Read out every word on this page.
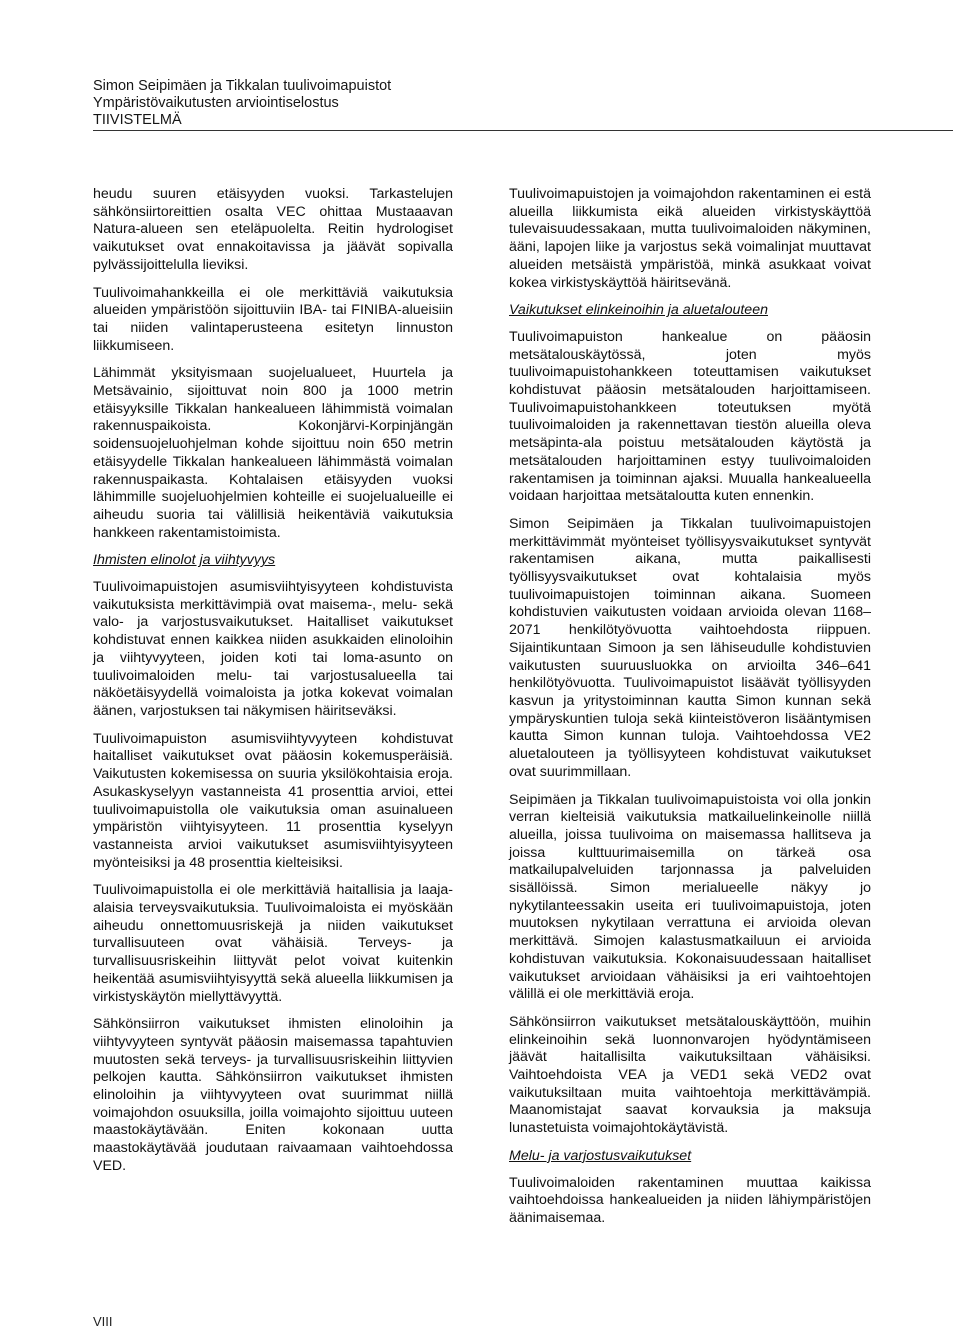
Simon Seipimäen ja Tikkalan tuulivoimapuistot
Ympäristövaikutusten arviointiselostus
TIIVISTELMÄ

heudu suuren etäisyyden vuoksi. Tarkastelujen sähkönsiirtoreittien osalta VEC ohittaa Mustaaavan Natura-alueen sen eteläpuolelta. Reitin hydrologiset vaikutukset ovat ennakoitavissa ja jäävät sopivalla pylvässijoittelulla lieviksi.

Tuulivoimahankkeilla ei ole merkittäviä vaikutuksia alueiden ympäristöön sijoittuviin IBA- tai FINIBA-alueisiin tai niiden valintaperusteena esitetyn linnuston liikkumiseen.

Lähimmät yksityismaan suojelualueet, Huurtela ja Metsävainio, sijoittuvat noin 800 ja 1000 metrin etäisyyksille Tikkalan hankealueen lähimmistä voimalan rakennuspaikoista. Kokonjärvi-Korpinjängän soidensuojeluohjelman kohde sijoittuu noin 650 metrin etäisyydelle Tikkalan hankealueen lähimmästä voimalan rakennuspaikasta. Kohtalaisen etäisyyden vuoksi lähimmille suojeluohjelmien kohteille ei suojelualueille ei aiheudu suoria tai välillisiä heikentäviä vaikutuksia hankkeen rakentamistoimista.

Ihmisten elinolot ja viihtyvyys

Tuulivoimapuistojen asumisviihtyisyyteen kohdistuvista vaikutuksista merkittävimpiä ovat maisema-, melu- sekä valo- ja varjostusvaikutukset. Haitalliset vaikutukset kohdistuvat ennen kaikkea niiden asukkaiden elinoloihin ja viihtyvyyteen, joiden koti tai loma-asunto on tuulivoimaloiden melu- tai varjostusalueella tai näköetäisyydellä voimaloista ja jotka kokevat voimalan äänen, varjostuksen tai näkymisen häiritseväksi.

Tuulivoimapuiston asumisviihtyvyyteen kohdistuvat haitalliset vaikutukset ovat pääosin kokemusperäisiä. Vaikutusten kokemisessa on suuria yksilökohtaisia eroja. Asukaskyselyyn vastanneista 41 prosenttia arvioi, ettei tuulivoimapuistolla ole vaikutuksia oman asuinalueen ympäristön viihtyisyyteen. 11 prosenttia kyselyyn vastanneista arvioi vaikutukset asumisviihtyisyyteen myönteisiksi ja 48 prosenttia kielteisiksi.

Tuulivoimapuistolla ei ole merkittäviä haitallisia ja laaja-alaisia terveysvaikutuksia. Tuulivoimaloista ei myöskään aiheudu onnettomuusriskejä ja niiden vaikutukset turvallisuuteen ovat vähäisiä. Terveys- ja turvallisuusriskeihin liittyvät pelot voivat kuitenkin heikentää asumisviihtyisyyttä sekä alueella liikkumisen ja virkistyskäytön miellyttävyyttä.

Sähkönsiirron vaikutukset ihmisten elinoloihin ja viihtyvyyteen syntyvät pääosin maisemassa tapahtuvien muutosten sekä terveys- ja turvallisuusriskeihin liittyvien pelkojen kautta. Sähkönsiirron vaikutukset ihmisten elinoloihin ja viihtyvyyteen ovat suurimmat niillä voimajohdon osuuksilla, joilla voimajohto sijoittuu uuteen maastokäytävään. Eniten kokonaan uutta maastokäytävää joudutaan raivaamaan vaihtoehdossa VED.

Tuulivoimapuistojen ja voimajohdon rakentaminen ei estä alueilla liikkumista eikä alueiden virkistyskäyttöä tulevaisuudessakaan, mutta tuulivoimaloiden näkyminen, ääni, lapojen liike ja varjostus sekä voimalinjat muuttavat alueiden metsäistä ympäristöä, minkä asukkaat voivat kokea virkistyskäyttöä häiritsevänä.

Vaikutukset elinkeinoihin ja aluetalouteen

Tuulivoimapuiston hankealue on pääosin metsätalouskäytössä, joten myös tuulivoimapuistohankkeen toteuttamisen vaikutukset kohdistuvat pääosin metsätalouden harjoittamiseen. Tuulivoimapuistohankkeen toteutuksen myötä tuulivoimaloiden ja rakennettavan tiestön alueilla oleva metsäpinta-ala poistuu metsätalouden käytöstä ja metsätalouden harjoittaminen estyy tuulivoimaloiden rakentamisen ja toiminnan ajaksi. Muualla hankealueella voidaan harjoittaa metsätaloutta kuten ennenkin.

Simon Seipimäen ja Tikkalan tuulivoimapuistojen merkittävimmät myönteiset työllisyysvaikutukset syntyvät rakentamisen aikana, mutta paikallisesti työllisyysvaikutukset ovat kohtalaisia myös tuulivoimapuistojen toiminnan aikana. Suomeen kohdistuvien vaikutusten voidaan arvioida olevan 1168–2071 henkilötyövuotta vaihtoehdosta riippuen. Sijaintikuntaan Simoon ja sen lähiseudulle kohdistuvien vaikutusten suuruusluokka on arvioilta 346–641 henkilötyövuotta. Tuulivoimapuistot lisäävät työllisyyden kasvun ja yritystoiminnan kautta Simon kunnan sekä ympäryskuntien tuloja sekä kiinteistöveron lisääntymisen kautta Simon kunnan tuloja. Vaihtoehdossa VE2 aluetalouteen ja työllisyyteen kohdistuvat vaikutukset ovat suurimmillaan.

Seipimäen ja Tikkalan tuulivoimapuistoista voi olla jonkin verran kielteisiä vaikutuksia matkailuelinkeinolle niillä alueilla, joissa tuulivoima on maisemassa hallitseva ja joissa kulttuurimaisemilla on tärkeä osa matkailupalveluiden tarjonnassa ja palveluiden sisällöissä. Simon merialueelle näkyy jo nykytilanteessakin useita eri tuulivoimapuistoja, joten muutoksen nykytilaan verrattuna ei arvioida olevan merkittävä. Simojen kalastusmatkailuun ei arvioida kohdistuvan vaikutuksia. Kokonaisuudessaan haitalliset vaikutukset arvioidaan vähäisiksi ja eri vaihtoehtojen välillä ei ole merkittäviä eroja.

Sähkönsiirron vaikutukset metsätalouskäyttöön, muihin elinkeinoihin sekä luonnonvarojen hyödyntämiseen jäävät haitallisilta vaikutuksiltaan vähäisiksi. Vaihtoehdoista VEA ja VED1 sekä VED2 ovat vaikutuksiltaan muita vaihtoehtoja merkittävämpiä. Maanomistajat saavat korvauksia ja maksuja lunastetuista voimajohtokäytävistä.

Melu- ja varjostusvaikutukset

Tuulivoimaloiden rakentaminen muuttaa kaikissa vaihtoehdoissa hankealueiden ja niiden lähiympäristöjen äänimaisemaa.

VIII
